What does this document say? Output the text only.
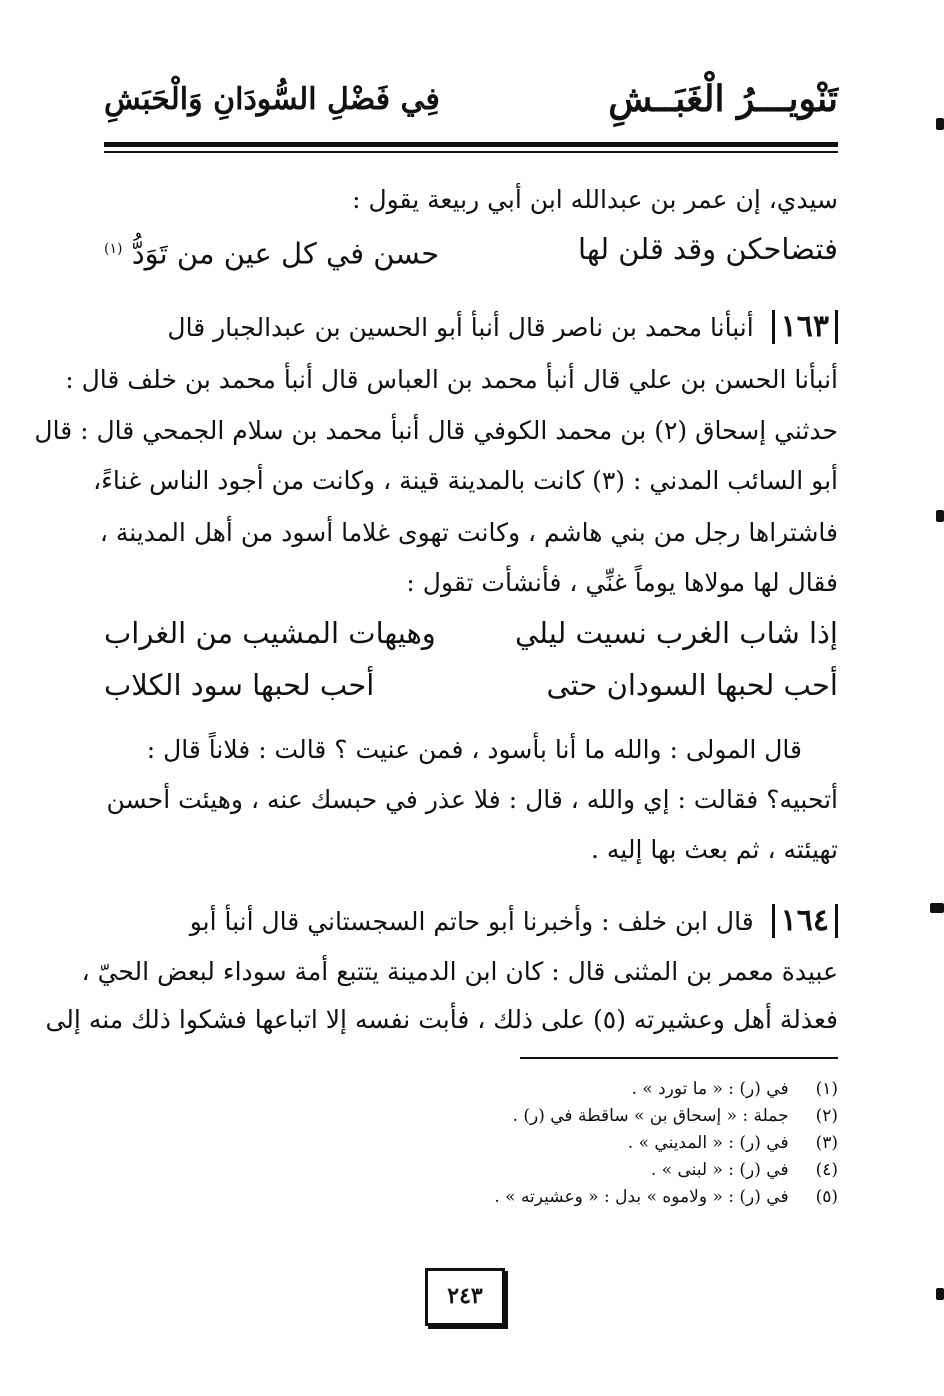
تَنْويـــرُ الْغَبَــشِ
فِي فَضْلِ السُّودَانِ وَالْحَبَشِ
سيدي، إن عمر بن عبدالله ابن أبي ربيعة يقول :
فتضاحكن وقد قلن لها
حسن في كل عين من تَوَدُّ $^{(١)}$
١٦٣أنبأنا محمد بن ناصر قال أنبأ أبو الحسين بن عبدالجبار قال
أنبأنا الحسن بن علي قال أنبأ محمد بن العباس قال أنبأ محمد بن خلف قال :
حدثني إسحاق (٢) بن محمد الكوفي قال أنبأ محمد بن سلام الجمحي قال : قال
أبو السائب المدني : (٣) كانت بالمدينة قينة ، وكانت من أجود الناس غناءً،
فاشتراها رجل من بني هاشم ، وكانت تهوى غلاما أسود من أهل المدينة ،
فقال لها مولاها يوماً غنِّي ، فأنشأت تقول :
إذا شاب الغرب نسيت ليلي
وهيهات المشيب من الغراب
أحب لحبها السودان حتى
أحب لحبها سود الكلاب
قال المولى : والله ما أنا بأسود ، فمن عنيت ؟ قالت : فلاناً قال :
أتحبيه؟ فقالت : إي والله ، قال : فلا عذر في حبسك عنه ، وهيئت أحسن
تهيئته ، ثم بعث بها إليه .
١٦٤قال ابن خلف : وأخبرنا أبو حاتم السجستاني قال أنبأ أبو
عبيدة معمر بن المثنى قال : كان ابن الدمينة يتتبع أمة سوداء لبعض الحيّ ،
فعذلة أهل وعشيرته (٥) على ذلك ، فأبت نفسه إلا اتباعها فشكوا ذلك منه إلى
(١) في (ر) : « ما تورد » .
(٢) جملة : « إسحاق بن » ساقطة في (ر) .
(٣) في (ر) : « المديني » .
(٤) في (ر) : « لبنى » .
(٥) في (ر) : « ولاموه » بدل : « وعشيرته » .
٢٤٣
